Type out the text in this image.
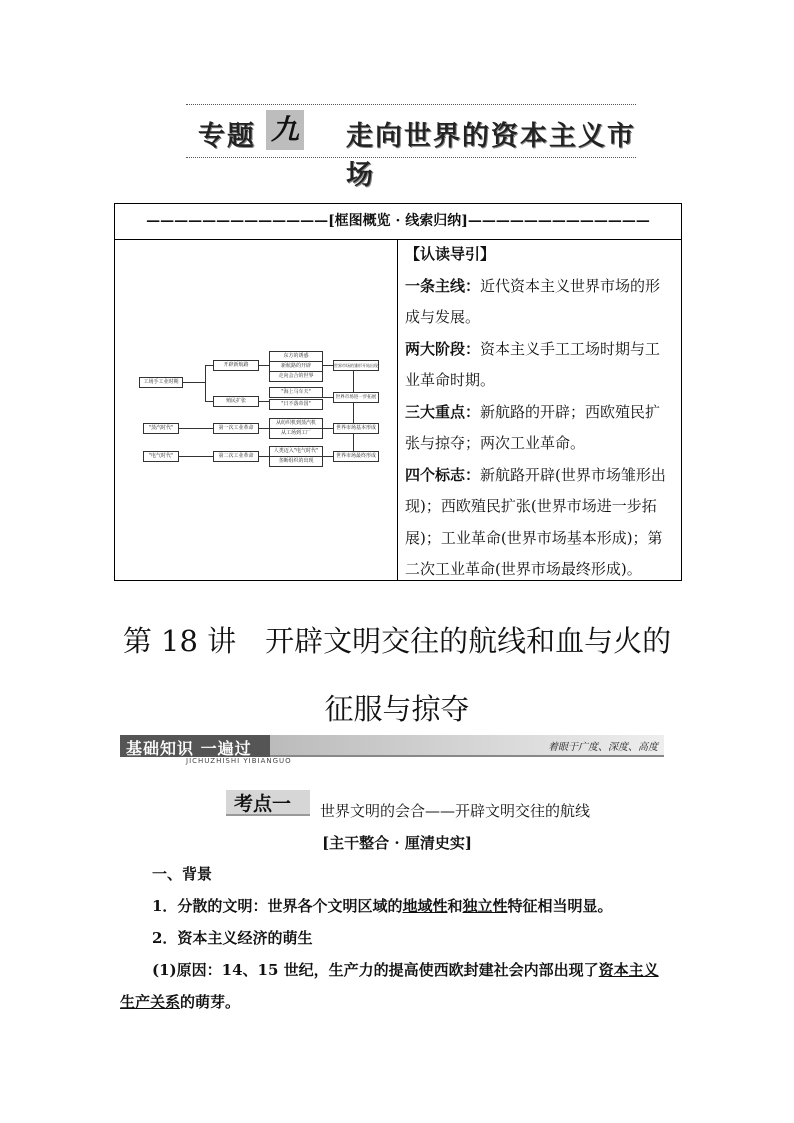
专题 九 走向世界的资本主义市场
—————————————[框图概览 · 线索归纳]—————————————
工场手工业时期
"蒸汽时代"
"电气时代"
开辟新航路
殖民扩张
第一次工业革命
第二次工业革命
东方的诱惑
新航路的开辟
走向会合的世界
"海上马车夫"
"日不落帝国"
从纺织机到蒸汽机
从工场到工厂
人类迈入"电气时代"
垄断组织的出现
世界市场的雏形开始出现
世界市场进一步拓展
世界市场基本形成
世界市场最终形成

【认读导引】

一条主线：近代资本主义世界市场的形成与发展。

两大阶段：资本主义手工工场时期与工业革命时期。

三大重点：新航路的开辟；西欧殖民扩张与掠夺；两次工业革命。

四个标志：新航路开辟(世界市场雏形出现)；西欧殖民扩张(世界市场进一步拓展)；工业革命(世界市场基本形成)；第二次工业革命(世界市场最终形成)。

第 18 讲　开辟文明交往的航线和血与火的
征服与掠夺
着眼于广度、深度、高度
基础知识 一遍过
JICHUZHISHI YIBIANGUO
考点一 世界文明的会合——开辟文明交往的航线
[主干整合 · 厘清史实]
一、背景
1．分散的文明：世界各个文明区域的地域性和独立性特征相当明显。
2．资本主义经济的萌生
(1)原因：14、15 世纪，生产力的提高使西欧封建社会内部出现了资本主义
生产关系的萌芽。
